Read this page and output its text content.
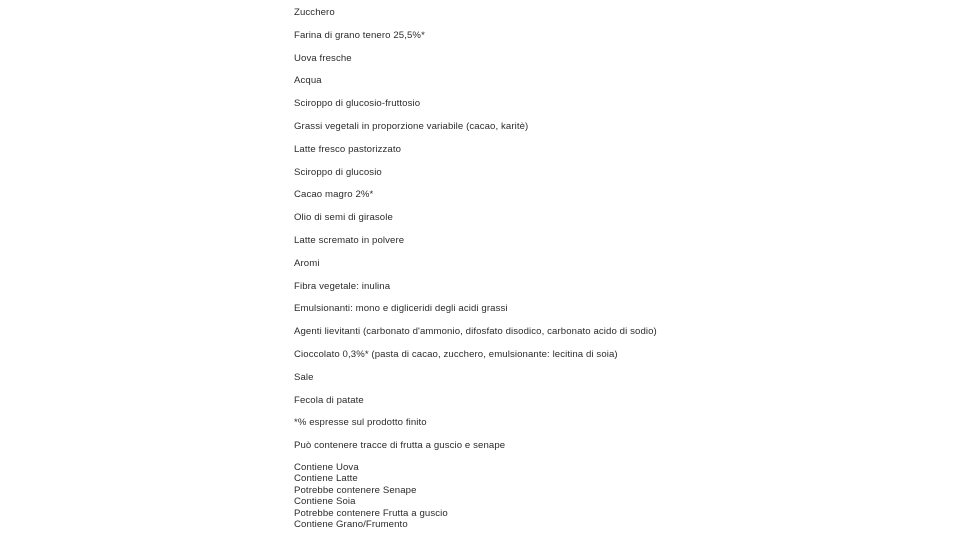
Zucchero
Farina di grano tenero 25,5%*
Uova fresche
Acqua
Sciroppo di glucosio-fruttosio
Grassi vegetali in proporzione variabile (cacao, karitè)
Latte fresco pastorizzato
Sciroppo di glucosio
Cacao magro 2%*
Olio di semi di girasole
Latte scremato in polvere
Aromi
Fibra vegetale: inulina
Emulsionanti: mono e digliceridi degli acidi grassi
Agenti lievitanti (carbonato d'ammonio, difosfato disodico, carbonato acido di sodio)
Cioccolato 0,3%* (pasta di cacao, zucchero, emulsionante: lecitina di soia)
Sale
Fecola di patate
*% espresse sul prodotto finito
Può contenere tracce di frutta a guscio e senape
Contiene Uova
Contiene Latte
Potrebbe contenere Senape
Contiene Soia
Potrebbe contenere Frutta a guscio
Contiene Grano/Frumento
